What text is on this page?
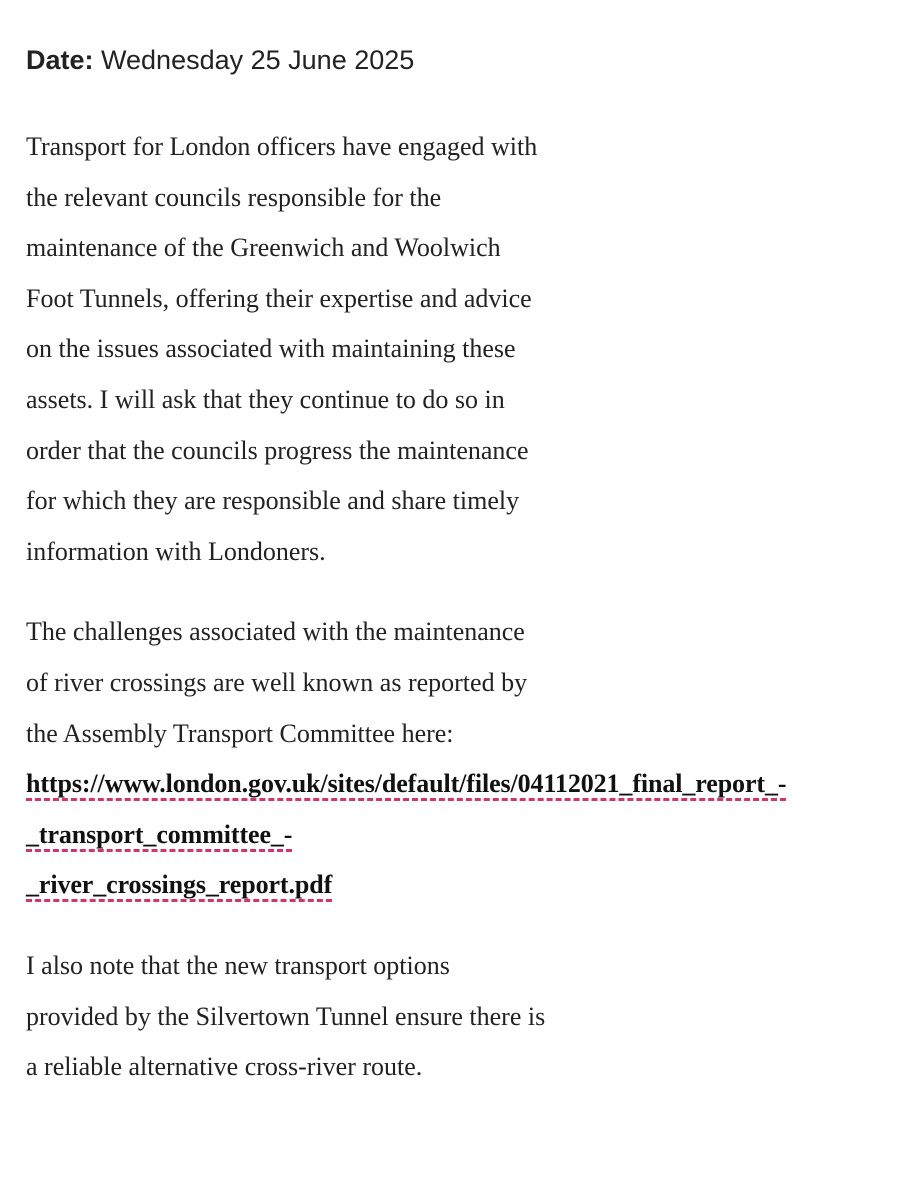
Date: Wednesday 25 June 2025

Transport for London officers have engaged with
the relevant councils responsible for the
maintenance of the Greenwich and Woolwich
Foot Tunnels, offering their expertise and advice
on the issues associated with maintaining these
assets. I will ask that they continue to do so in
order that the councils progress the maintenance
for which they are responsible and share timely
information with Londoners.

The challenges associated with the maintenance
of river crossings are well known as reported by
the Assembly Transport Committee here:
https://www.london.gov.uk/sites/default/files/04112021_final_report_-
_transport_committee_-
_river_crossings_report.pdf

I also note that the new transport options
provided by the Silvertown Tunnel ensure there is
a reliable alternative cross-river route.
